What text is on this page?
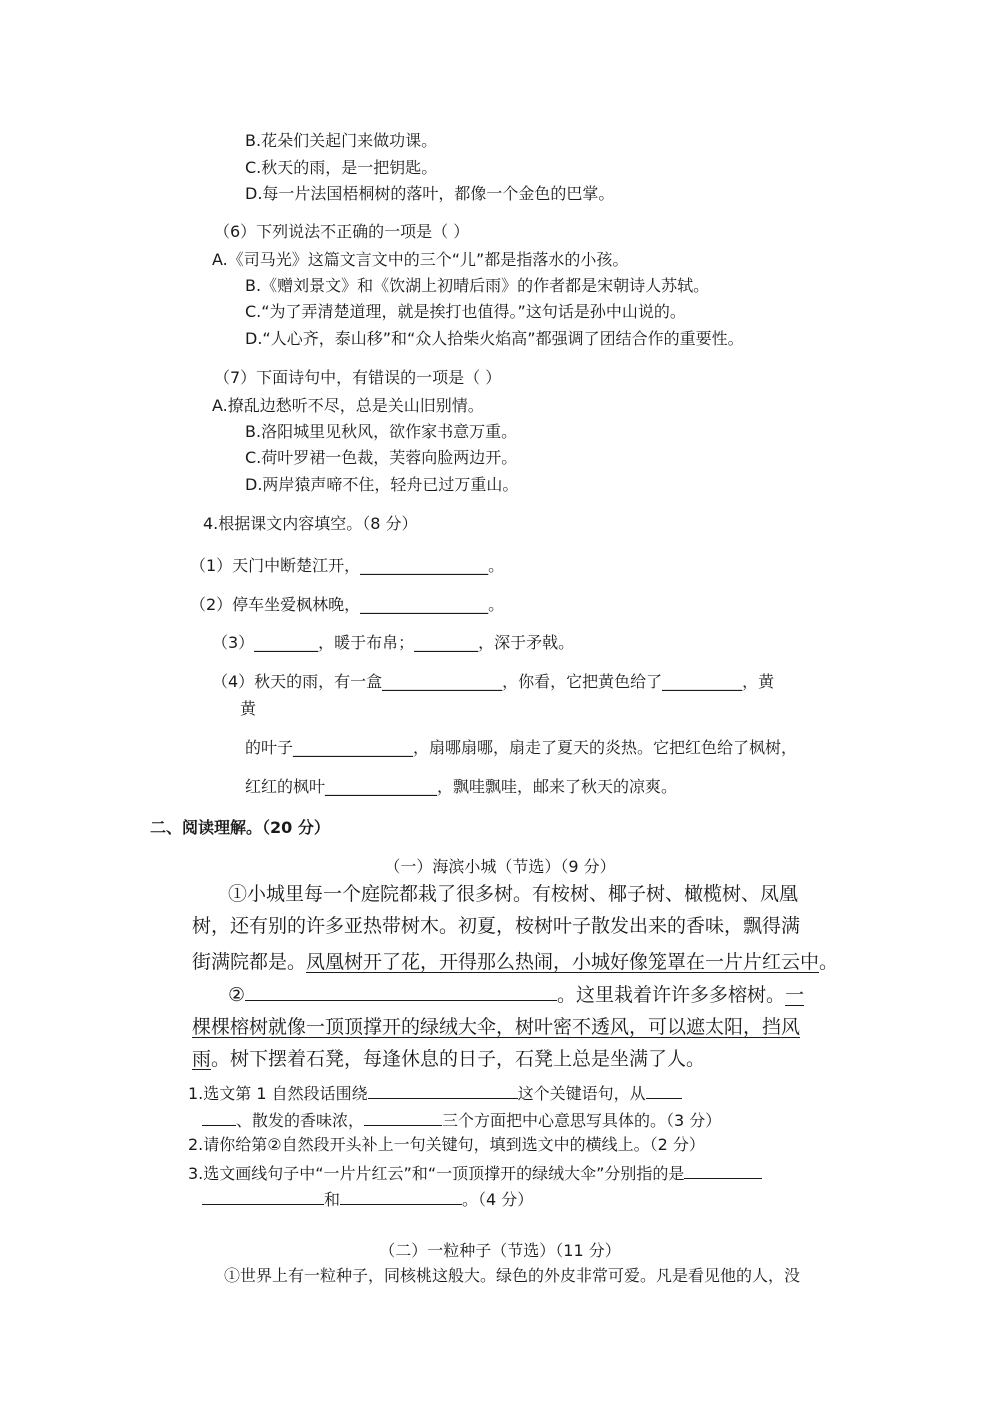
B.花朵们关起门来做功课。
C.秋天的雨，是一把钥匙。
D.每一片法国梧桐树的落叶，都像一个金色的巴掌。
（6）下列说法不正确的一项是（ ）
A.《司马光》这篇文言文中的三个“儿”都是指落水的小孩。
B.《赠刘景文》和《饮湖上初晴后雨》的作者都是宋朝诗人苏轼。
C.“为了弄清楚道理，就是挨打也值得。”这句话是孙中山说的。
D.“人心齐，泰山移”和“众人拾柴火焰高”都强调了团结合作的重要性。
（7）下面诗句中，有错误的一项是（ ）
A.撩乱边愁听不尽，总是关山旧别情。
B.洛阳城里见秋风，欲作家书意万重。
C.荷叶罗裙一色裁，芙蓉向脸两边开。
D.两岸猿声啼不住，轻舟已过万重山。
4.根据课文内容填空。（8 分）
（1）天门中断楚江开，________________。
（2）停车坐爱枫林晚，________________。
（3）________，暖于布帛；________，深于矛戟。
（4）秋天的雨，有一盒_______________，你看，它把黄色给了__________，黄
黄
的叶子_______________，扇哪扇哪，扇走了夏天的炎热。它把红色给了枫树，
红红的枫叶______________，飘哇飘哇，邮来了秋天的凉爽。
二、阅读理解。（20 分）
（一）海滨小城（节选）（9 分）
①小城里每一个庭院都栽了很多树。有桉树、椰子树、橄榄树、凤凰
树，还有别的许多亚热带树木。初夏，桉树叶子散发出来的香味，飘得满
街满院都是。凤凰树开了花，开得那么热闹，小城好像笼罩在一片片红云中。
②	。这里栽着许许多多榕树。一
棵棵榕树就像一顶顶撑开的绿绒大伞，树叶密不透风，可以遮太阳，挡风
雨。树下摆着石凳，每逢休息的日子，石凳上总是坐满了人。
1.选文第 1 自然段话围绕	这个关键语句，从
、散发的香味浓，	三个方面把中心意思写具体的。（3 分）
2.请你给第②自然段开头补上一句关键句，填到选文中的横线上。（2 分）
3.选文画线句子中“一片片红云”和“一顶顶撑开的绿绒大伞”分别指的是
和	。（4 分）
（二）一粒种子（节选）（11 分）
①世界上有一粒种子，同核桃这般大。绿色的外皮非常可爱。凡是看见他的人，没
